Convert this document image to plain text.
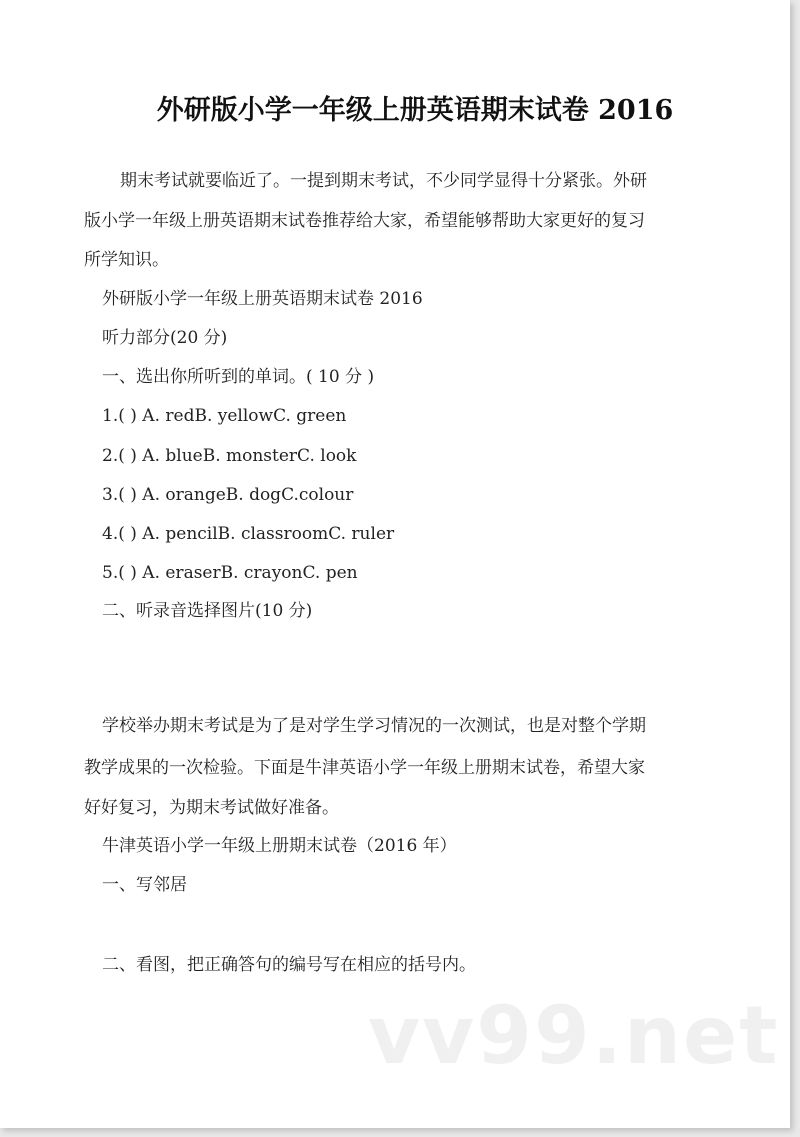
外研版小学一年级上册英语期末试卷 2016
期末考试就要临近了。一提到期末考试，不少同学显得十分紧张。外研
版小学一年级上册英语期末试卷推荐给大家，希望能够帮助大家更好的复习
所学知识。
外研版小学一年级上册英语期末试卷 2016
听力部分(20 分)
一、选出你所听到的单词。( 10 分 )
1.( ) A. redB. yellowC. green
2.( ) A. blueB. monsterC. look
3.( ) A. orangeB. dogC.colour
4.( ) A. pencilB. classroomC. ruler
5.( ) A. eraserB. crayonC. pen
二、听录音选择图片(10 分)
学校举办期末考试是为了是对学生学习情况的一次测试，也是对整个学期
教学成果的一次检验。下面是牛津英语小学一年级上册期末试卷，希望大家
好好复习，为期末考试做好准备。
牛津英语小学一年级上册期末试卷（2016 年）
一、写邻居
二、看图，把正确答句的编号写在相应的括号内。
vv99.net
